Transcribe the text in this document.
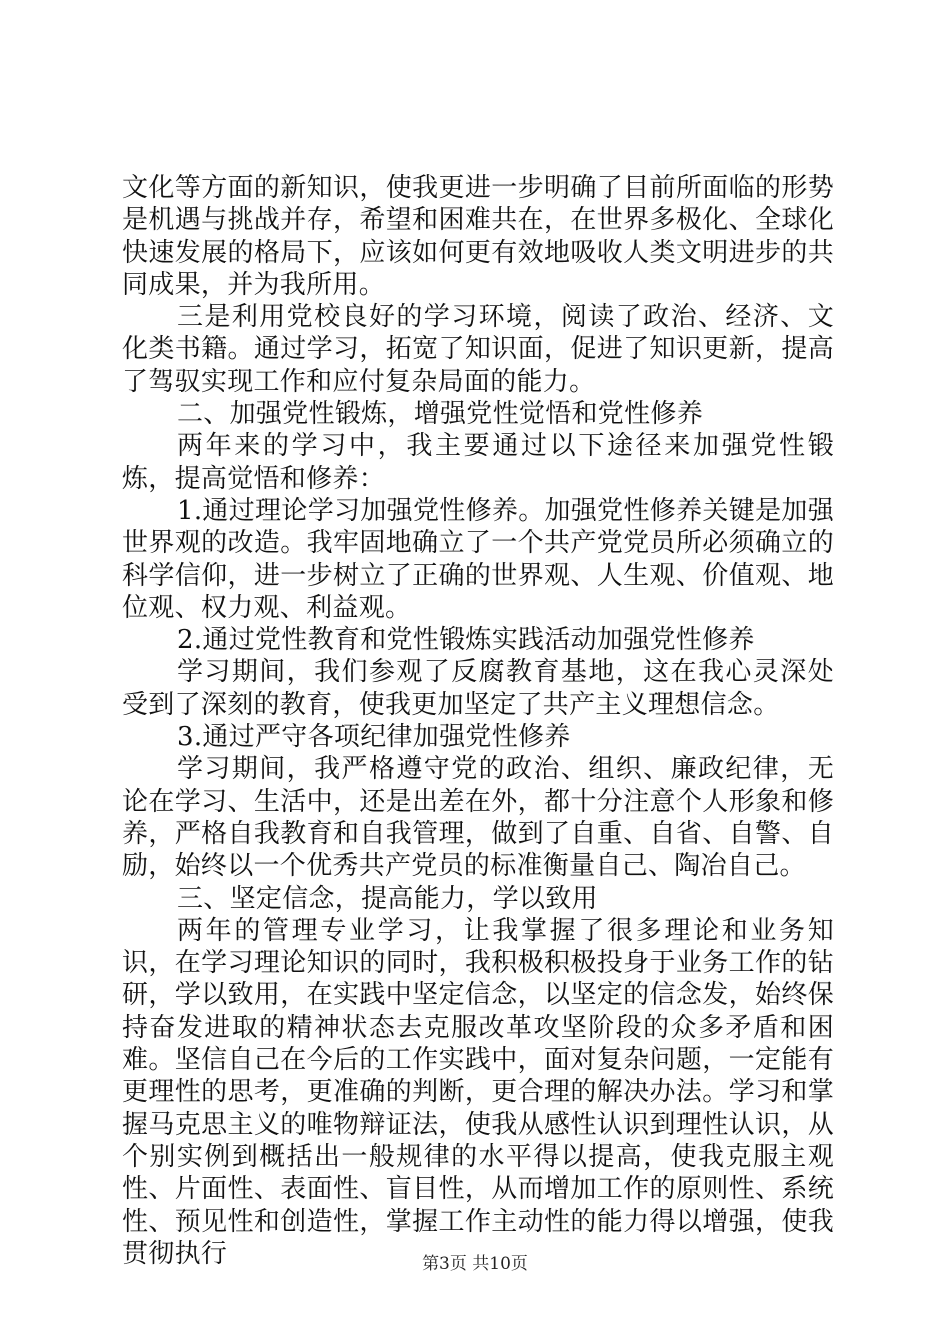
文化等方面的新知识，使我更进一步明确了目前所面临的形势是机遇与挑战并存，希望和困难共在，在世界多极化、全球化快速发展的格局下，应该如何更有效地吸收人类文明进步的共同成果，并为我所用。

三是利用党校良好的学习环境，阅读了政治、经济、文化类书籍。通过学习，拓宽了知识面，促进了知识更新，提高了驾驭实现工作和应付复杂局面的能力。

二、加强党性锻炼，增强党性觉悟和党性修养

两年来的学习中，我主要通过以下途径来加强党性锻炼，提高觉悟和修养：

1.通过理论学习加强党性修养。加强党性修养关键是加强世界观的改造。我牢固地确立了一个共产党党员所必须确立的科学信仰，进一步树立了正确的世界观、人生观、价值观、地位观、权力观、利益观。

2.通过党性教育和党性锻炼实践活动加强党性修养

学习期间，我们参观了反腐教育基地，这在我心灵深处受到了深刻的教育，使我更加坚定了共产主义理想信念。

3.通过严守各项纪律加强党性修养

学习期间，我严格遵守党的政治、组织、廉政纪律，无论在学习、生活中，还是出差在外，都十分注意个人形象和修养，严格自我教育和自我管理，做到了自重、自省、自警、自励，始终以一个优秀共产党员的标准衡量自己、陶冶自己。

三、坚定信念，提高能力，学以致用

两年的管理专业学习，让我掌握了很多理论和业务知识，在学习理论知识的同时，我积极积极投身于业务工作的钻研，学以致用，在实践中坚定信念，以坚定的信念发，始终保持奋发进取的精神状态去克服改革攻坚阶段的众多矛盾和困难。坚信自己在今后的工作实践中，面对复杂问题，一定能有更理性的思考，更准确的判断，更合理的解决办法。学习和掌握马克思主义的唯物辩证法，使我从感性认识到理性认识，从个别实例到概括出一般规律的水平得以提高，使我克服主观性、片面性、表面性、盲目性，从而增加工作的原则性、系统性、预见性和创造性，掌握工作主动性的能力得以增强，使我贯彻执行	第3页 共10页
